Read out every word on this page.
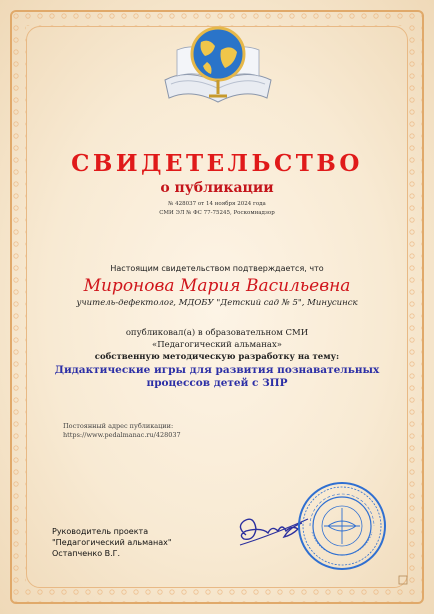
СВИДЕТЕЛЬСТВО
о публикации
№ 428037 от 14 ноября 2024 года
СМИ ЭЛ № ФС 77-75245, Роскомнадзор
Настоящим свидетельством подтверждается, что
Миронова Мария Васильевна
учитель-дефектолог, МДОБУ "Детский сад № 5", Минусинск
опубликовал(а) в образовательном СМИ
«Педагогический альманах»
собственную методическую разработку на тему:
Дидактические игры для развития познавательных процессов детей с ЗПР
Постоянный адрес публикации:
https://www.pedalmanac.ru/428037
Руководитель проекта
"Педагогический альманах"
Остапченко В.Г.
